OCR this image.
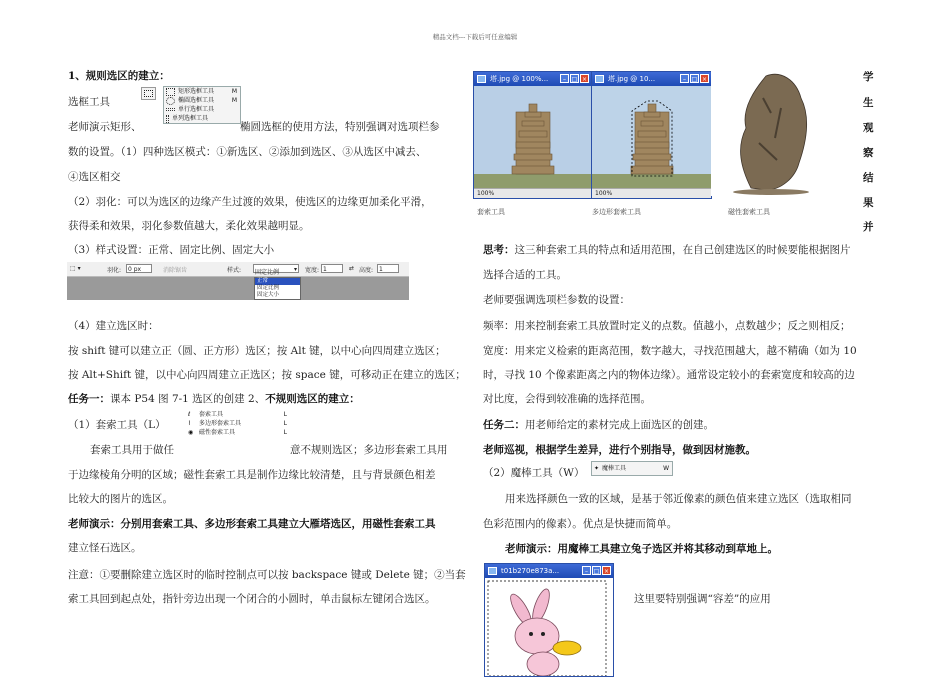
精品文档---下载后可任意编辑
1、规则选区的建立：
选框工具
矩形选框工具	M
椭圆选框工具	M
单行选框工具
单列选框工具
老师演示矩形、	椭圆选框的使用方法，特别强调对选项栏参
数的设置。（1）四种选区模式：①新选区、②添加到选区、③从选区中减去、
④选区相交
（2）羽化：可以为选区的边缘产生过渡的效果，使选区的边缘更加柔化平滑，
获得柔和效果，羽化参数值越大，柔化效果越明显。
（3）样式设置：正常、固定比例、固定大小
⬚ ▾	羽化:	0 px	消除锯齿	样式: 固定比例 ▾ 宽度: 1	⇄ 高度: 1
正常
固定比例
固定大小
（4）建立选区时：
按 shift 键可以建立正（圆、正方形）选区；按 Alt 键，以中心向四周建立选区；
按 Alt+Shift 键，以中心向四周建立正选区；按 space 键，可移动正在建立的选区；
任务一：课本 P54 图 7-1 选区的创建 2、不规则选区的建立：
（1）套索工具（L）
ℓ	套索工具	L
⌇	多边形套索工具	L
◉ 磁性套索工具	L
套索工具用于做任	意不规则选区；多边形套索工具用
于边缘棱角分明的区域；磁性套索工具是制作边缘比较清楚，且与背景颜色相差
比较大的图片的选区。
老师演示：分别用套索工具、多边形套索工具建立大雁塔选区，用磁性套索工具
建立怪石选区。
注意：①要删除建立选区时的临时控制点可以按 backspace 键或 Delete 键；②当套
索工具回到起点处，指针旁边出现一个闭合的小圆时，单击鼠标左键闭合选区。
塔.jpg @ 100%...	– □ ×
100%
塔.jpg @ 10...	– □ ×
100%
套索工具	多边形套索工具	磁性套索工具
学
生
观
察
结
果
并
思考：这三种套索工具的特点和适用范围，在自己创建选区的时候要能根据图片
选择合适的工具。
老师要强调选项栏参数的设置：
频率：用来控制套索工具放置时定义的点数。值越小，点数越少；反之则相反；
宽度：用来定义检索的距离范围，数字越大，寻找范围越大，越不精确（如为 10
时，寻找 10 个像素距离之内的物体边缘）。通常设定较小的套索宽度和较高的边
对比度，会得到较准确的选择范围。
任务二：用老师给定的素材完成上面选区的创建。
老师巡视，根据学生差异，进行个别指导，做到因材施教。
（2）魔棒工具（W） ✦ 魔棒工具	W
用来选择颜色一致的区域，是基于邻近像素的颜色值来建立选区（选取相同
色彩范围内的像素）。优点是快捷而简单。
老师演示：用魔棒工具建立兔子选区并将其移动到草地上。
t01b270e873a...	– □ ×
这里要特别强调“容差”的应用
